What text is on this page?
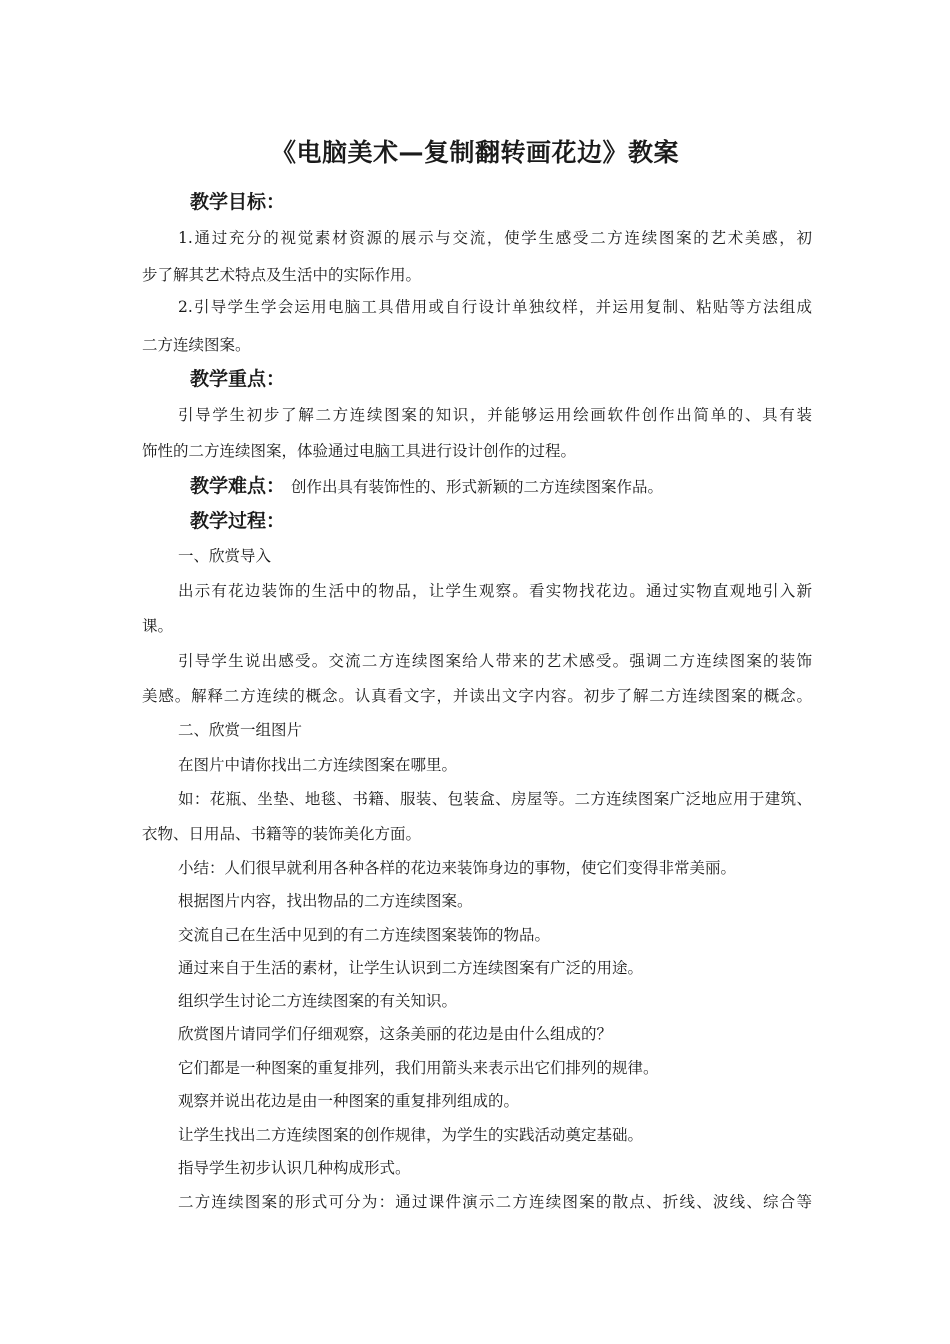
《电脑美术—复制翻转画花边》教案
教学目标：
1.通过充分的视觉素材资源的展示与交流，使学生感受二方连续图案的艺术美感，初
步了解其艺术特点及生活中的实际作用。
2.引导学生学会运用电脑工具借用或自行设计单独纹样，并运用复制、粘贴等方法组成
二方连续图案。
教学重点：
引导学生初步了解二方连续图案的知识，并能够运用绘画软件创作出简单的、具有装
饰性的二方连续图案，体验通过电脑工具进行设计创作的过程。
教学难点： 创作出具有装饰性的、形式新颖的二方连续图案作品。
教学过程：
一、欣赏导入
出示有花边装饰的生活中的物品，让学生观察。看实物找花边。通过实物直观地引入新
课。
引导学生说出感受。交流二方连续图案给人带来的艺术感受。强调二方连续图案的装饰
美感。解释二方连续的概念。认真看文字，并读出文字内容。初步了解二方连续图案的概念。
二、欣赏一组图片
在图片中请你找出二方连续图案在哪里。
如：花瓶、坐垫、地毯、书籍、服装、包装盒、房屋等。二方连续图案广泛地应用于建筑、
衣物、日用品、书籍等的装饰美化方面。
小结：人们很早就利用各种各样的花边来装饰身边的事物，使它们变得非常美丽。
根据图片内容，找出物品的二方连续图案。
交流自己在生活中见到的有二方连续图案装饰的物品。
通过来自于生活的素材，让学生认识到二方连续图案有广泛的用途。
组织学生讨论二方连续图案的有关知识。
欣赏图片请同学们仔细观察，这条美丽的花边是由什么组成的？
它们都是一种图案的重复排列，我们用箭头来表示出它们排列的规律。
观察并说出花边是由一种图案的重复排列组成的。
让学生找出二方连续图案的创作规律，为学生的实践活动奠定基础。
指导学生初步认识几种构成形式。
二方连续图案的形式可分为：通过课件演示二方连续图案的散点、折线、波线、综合等
